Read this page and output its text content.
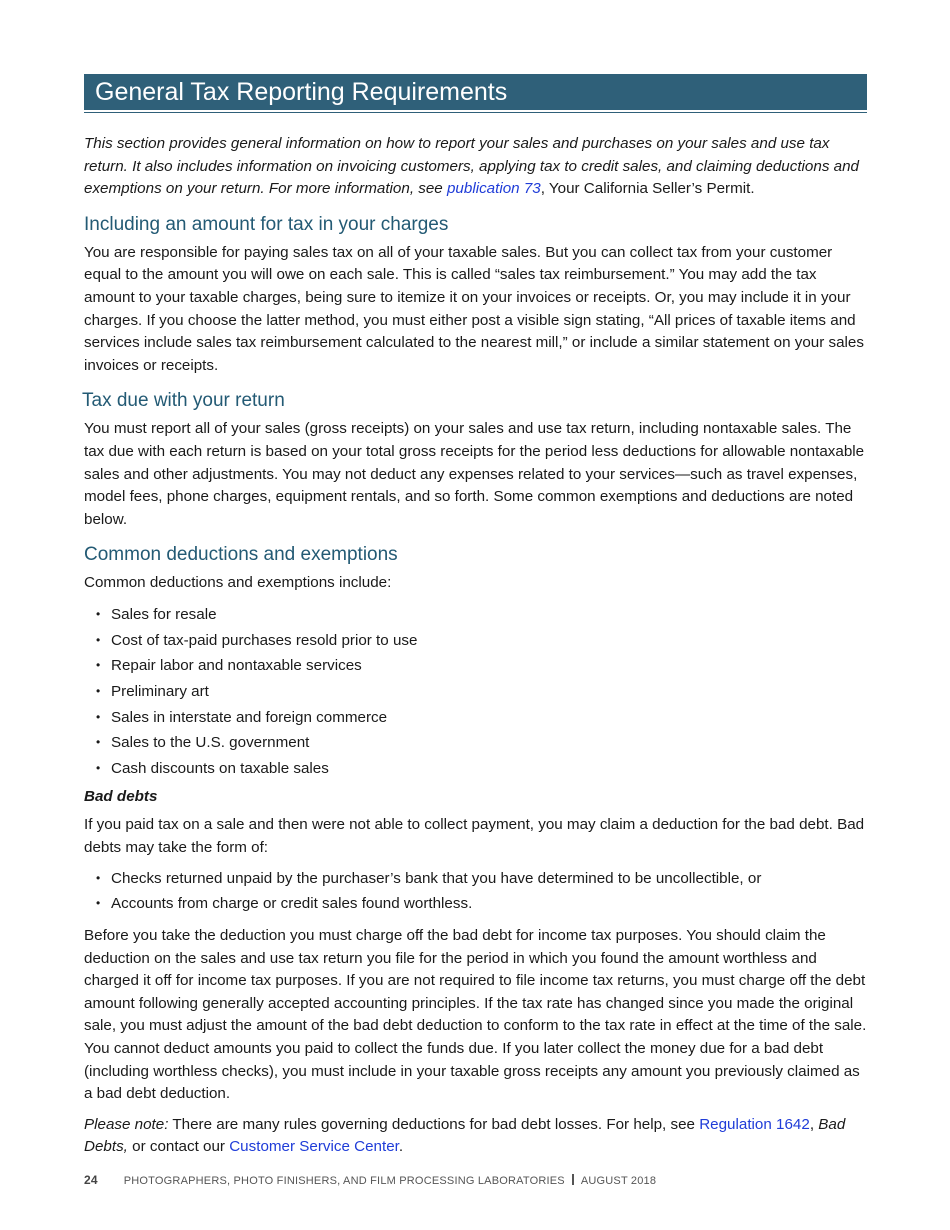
General Tax Reporting Requirements

This section provides general information on how to report your sales and purchases on your sales and use tax return. It also includes information on invoicing customers, applying tax to credit sales, and claiming deductions and exemptions on your return. For more information, see publication 73, Your California Seller’s Permit.

Including an amount for tax in your charges

You are responsible for paying sales tax on all of your taxable sales. But you can collect tax from your customer equal to the amount you will owe on each sale. This is called “sales tax reimbursement.” You may add the tax amount to your taxable charges, being sure to itemize it on your invoices or receipts. Or, you may include it in your charges. If you choose the latter method, you must either post a visible sign stating, “All prices of taxable items and services include sales tax reimbursement calculated to the nearest mill,” or include a similar statement on your sales invoices or receipts.

Tax due with your return

You must report all of your sales (gross receipts) on your sales and use tax return, including nontaxable sales. The tax due with each return is based on your total gross receipts for the period less deductions for allowable nontaxable sales and other adjustments. You may not deduct any expenses related to your services—such as travel expenses, model fees, phone charges, equipment rentals, and so forth. Some common exemptions and deductions are noted below.

Common deductions and exemptions

Common deductions and exemptions include:

• Sales for resale
• Cost of tax-paid purchases resold prior to use
• Repair labor and nontaxable services
• Preliminary art
• Sales in interstate and foreign commerce
• Sales to the U.S. government
• Cash discounts on taxable sales

Bad debts

If you paid tax on a sale and then were not able to collect payment, you may claim a deduction for the bad debt. Bad debts may take the form of:

• Checks returned unpaid by the purchaser’s bank that you have determined to be uncollectible, or
• Accounts from charge or credit sales found worthless.

Before you take the deduction you must charge off the bad debt for income tax purposes. You should claim the deduction on the sales and use tax return you file for the period in which you found the amount worthless and charged it off for income tax purposes. If you are not required to file income tax returns, you must charge off the debt amount following generally accepted accounting principles. If the tax rate has changed since you made the original sale, you must adjust the amount of the bad debt deduction to conform to the tax rate in effect at the time of the sale. You cannot deduct amounts you paid to collect the funds due. If you later collect the money due for a bad debt (including worthless checks), you must include in your taxable gross receipts any amount you previously claimed as a bad debt deduction.

Please note: There are many rules governing deductions for bad debt losses. For help, see Regulation 1642, Bad Debts, or contact our Customer Service Center.

24 PHOTOGRAPHERS, PHOTO FINISHERS, AND FILM PROCESSING LABORATORIES AUGUST 2018
